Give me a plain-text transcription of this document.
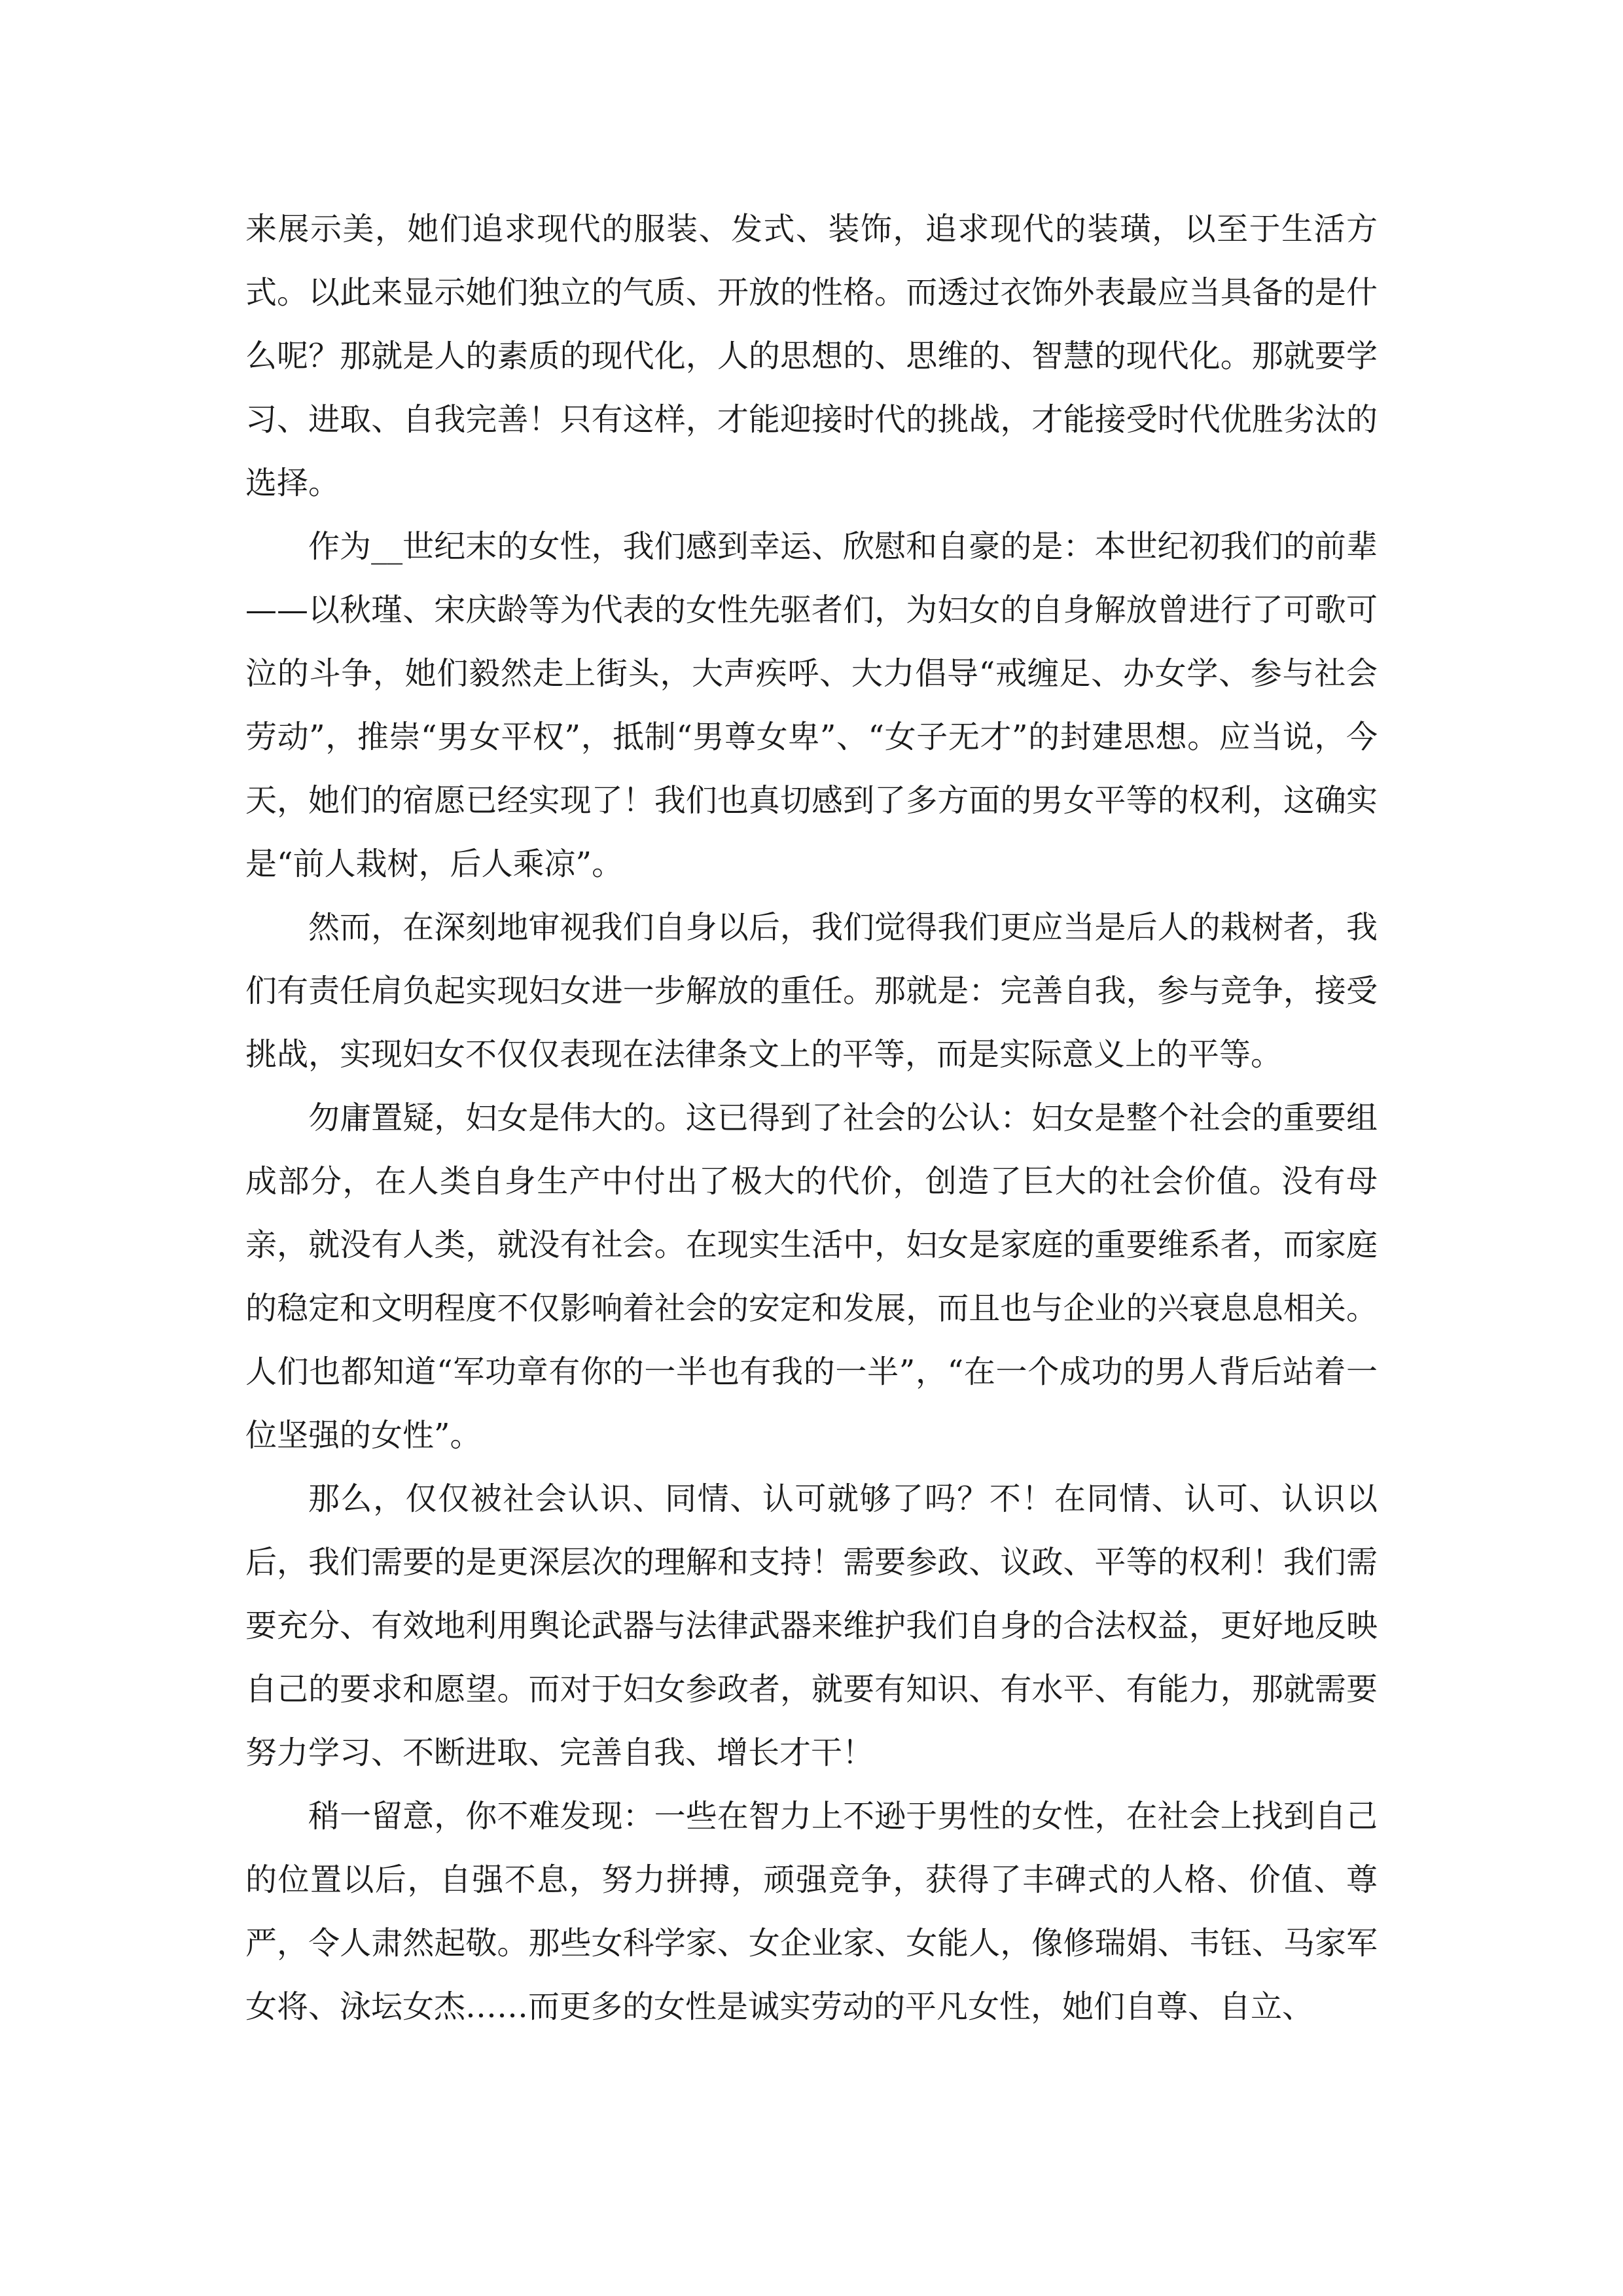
来展示美，她们追求现代的服装、发式、装饰，追求现代的装璜，以至于生活方式。以此来显示她们独立的气质、开放的性格。而透过衣饰外表最应当具备的是什么呢？那就是人的素质的现代化，人的思想的、思维的、智慧的现代化。那就要学习、进取、自我完善！只有这样，才能迎接时代的挑战，才能接受时代优胜劣汰的选择。

作为__世纪末的女性，我们感到幸运、欣慰和自豪的是：本世纪初我们的前辈——以秋瑾、宋庆龄等为代表的女性先驱者们，为妇女的自身解放曾进行了可歌可泣的斗争，她们毅然走上街头，大声疾呼、大力倡导“戒缠足、办女学、参与社会劳动”，推崇“男女平权”，抵制“男尊女卑”、“女子无才”的封建思想。应当说，今天，她们的宿愿已经实现了！我们也真切感到了多方面的男女平等的权利，这确实是“前人栽树，后人乘凉”。

然而，在深刻地审视我们自身以后，我们觉得我们更应当是后人的栽树者，我们有责任肩负起实现妇女进一步解放的重任。那就是：完善自我，参与竞争，接受挑战，实现妇女不仅仅表现在法律条文上的平等，而是实际意义上的平等。

勿庸置疑，妇女是伟大的。这已得到了社会的公认：妇女是整个社会的重要组成部分，在人类自身生产中付出了极大的代价，创造了巨大的社会价值。没有母亲，就没有人类，就没有社会。在现实生活中，妇女是家庭的重要维系者，而家庭的稳定和文明程度不仅影响着社会的安定和发展，而且也与企业的兴衰息息相关。人们也都知道“军功章有你的一半也有我的一半”，“在一个成功的男人背后站着一位坚强的女性”。

那么，仅仅被社会认识、同情、认可就够了吗？不！在同情、认可、认识以后，我们需要的是更深层次的理解和支持！需要参政、议政、平等的权利！我们需要充分、有效地利用舆论武器与法律武器来维护我们自身的合法权益，更好地反映自己的要求和愿望。而对于妇女参政者，就要有知识、有水平、有能力，那就需要努力学习、不断进取、完善自我、增长才干！

稍一留意，你不难发现：一些在智力上不逊于男性的女性，在社会上找到自己的位置以后，自强不息，努力拼搏，顽强竞争，获得了丰碑式的人格、价值、尊严，令人肃然起敬。那些女科学家、女企业家、女能人，像修瑞娟、韦钰、马家军女将、泳坛女杰……而更多的女性是诚实劳动的平凡女性，她们自尊、自立、
